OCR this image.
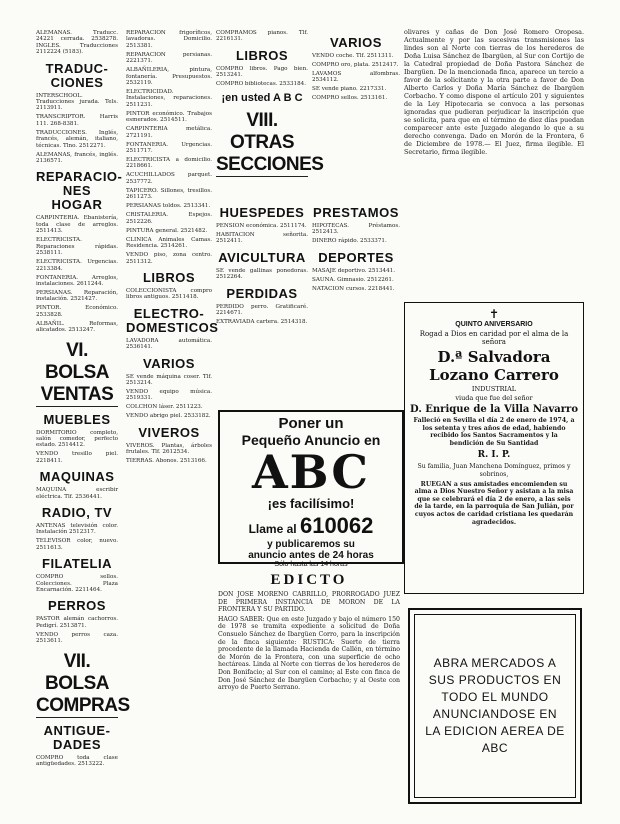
ALEMANAS. Traducc. 24221 cerrada. 2538278. INGLES. Traducciones 2112224 (5183).
TRADUC-CIONES
INTERSCHOOL. Traducciones jurada. Tels. 2113911.
TRANSCRIPTOR. Harris 111. 268-8381.
TRADUCCIONES. Inglés, francés, alemán, italiano, técnicas. Tlno. 2512271.
ALEMANAS, francés, inglés. 2136571.
REPARACIO-NES HOGAR
CARPINTERIA. Ebanistería, toda clase de arreglos. 2511413.
ELECTRICISTA. Reparaciones rápidas. 2538111.
ELECTRICISTA. Urgencias. 2213384.
FONTANERIA. Arreglos, instalaciones. 2611244.
PERSIANAS. Reparación, instalación. 2521427.
PINTOR. Económico. 2533828.
ALBAÑIL. Reformas, alicatados. 2513247.
VI. BOLSA VENTAS
MUEBLES
DORMITORIO completo, salón comedor, perfecto estado. 2514412.
VENDO tresillo piel. 2218411.
MAQUINAS
MAQUINA escribir eléctrica. Tlf. 2536441.
RADIO, TV
ANTENAS televisión color. Instalación 2512317.
TELEVISOR color, nuevo. 2511613.
FILATELIA
COMPRO sellos. Colecciones. Plaza Encarnación. 2211464.
PERROS
PASTOR alemán cachorros. Pedigrí. 2513871.
VENDO perros caza. 2513611.
VII. BOLSA COMPRAS
ANTIGUE-DADES
COMPRO toda clase antigüedades. 2513222.
REPARACION frigoríficos, lavadoras. Domicilio. 2513381.
REPARACION persianas. 2221371.
ALBAÑILERIA, pintura, fontanería. Presupuestos. 2532119.
ELECTRICIDAD. Instalaciones, reparaciones. 2511231.
PINTOR económico. Trabajos esmerados. 2514511.
CARPINTERIA metálica. 2721191.
FONTANERIA. Urgencias. 2511717.
ELECTRICISTA a domicilio. 2218661.
ACUCHILLADOS parquet. 2537772.
TAPICERO. Sillones, tresillos. 2611273.
PERSIANAS toldos. 2513341.
CRISTALERIA. Espejos. 2512226.
PINTURA general. 2521482.
CLINICA Animales Camas. Residencia. 2514261.
VENDO piso, zona centro. 2511312.
LIBROS
COLECCIONISTA compro libros antiguos. 2511418.
ELECTRO-DOMESTICOS
LAVADORA automática. 2536141.
VARIOS
SE vende máquina coser. Tlf. 2513214.
VENDO equipo música. 2519331.
COLCHON láser. 2511223.
VENDO abrigo piel. 2533182.
VIVEROS
VIVEROS. Plantas, árboles frutales. Tlf. 2612534.
TIERRAS. Abonos. 2513166.
COMPRAMOS pianos. Tlf. 2216131.
LIBROS
COMPRO libros. Pago bien. 2513241.
COMPRO bibliotecas. 2533184.
¡en usted A B C
VIII. OTRAS SECCIONES
VARIOS
VENDO coche. Tlf. 2511311.
COMPRO oro, plata. 2512417.
LAVAMOS alfombras. 2534112.
SE vende piano. 2217331.
COMPRO sellos. 2513161.
HUESPEDES
PENSION económica. 2511174.
HABITACION señorita. 2512411.
AVICULTURA
SE vende gallinas ponedoras. 2512264.
PERDIDAS
PERDIDO perro. Gratificaré. 2214671.
EXTRAVIADA cartera. 2514318.
PRESTAMOS
HIPOTECAS. Préstamos. 2512413.
DINERO rápido. 2533371.
DEPORTES
MASAJE deportivo. 2513441.
SAUNA. Gimnasio. 2512261.
NATACION cursos. 2218441.
Poner un
Pequeño Anuncio en
ABC
¡es facilísimo!
Llame al 610062
y publicaremos su
anuncio antes de 24 horas
Sólo hasta las 14 horas
EDICTO
DON JOSE MORENO CABRILLO, PRORROGADO JUEZ DE PRIMERA INSTANCIA DE MORON DE LA FRONTERA Y SU PARTIDO.
HAGO SABER: Que en este Juzgado y bajo el número 150 de 1978 se tramita expediente a solicitud de Doña Consuelo Sánchez de Ibargüen Corro, para la inscripción de la finca siguiente: RUSTICA: Suerte de tierra procedente de la llamada Hacienda de Callén, en término de Morón de la Frontera, con una superficie de ocho hectáreas. Linda al Norte con tierras de los herederos de Don Bonifacio; al Sur con el camino; al Este con finca de Don José Sánchez de Ibargüen Corbacho; y al Oeste con arroyo de Puerto Serrano.
olivares y cañas de Don José Romero Oropesa. Actualmente y por las sucesivas transmisiones las lindes son al Norte con tierras de los herederos de Doña Luisa Sánchez de Ibargüen, al Sur con Cortijo de la Catedral propiedad de Doña Pastora Sánchez de Ibargüen. De la mencionada finca, aparece un tercio a favor de la solicitante y la otra parte a favor de Don Alberto Carlos y Doña María Sánchez de Ibargüen Corbacho. Y como dispone el artículo 201 y siguientes de la Ley Hipotecaria se convoca a las personas ignoradas que pudieran perjudicar la inscripción que se solicita, para que en el término de diez días puedan comparecer ante este Juzgado alegando lo que a su derecho convenga. Dado en Morón de la Frontera, 6 de Diciembre de 1978.— El Juez, firma ilegible. El Secretario, firma ilegible.
✝
QUINTO ANIVERSARIO
Rogad a Dios en caridad por el alma de la señora
D.ª Salvadora Lozano Carrero
INDUSTRIAL
viuda que fue del señor
D. Enrique de la Villa Navarro
Falleció en Sevilla el día 2 de enero de 1974, a los setenta y tres años de edad, habiendo recibido los Santos Sacramentos y la bendición de Su Santidad
R. I. P.
Su familia, Juan Manchena Domínguez, primos y sobrinos,
RUEGAN a sus amistades encomienden su alma a Dios Nuestro Señor y asistan a la misa que se celebrará el día 2 de enero, a las seis de la tarde, en la parroquia de San Julián, por cuyos actos de caridad cristiana les quedarán agradecidos.
ABRA MERCADOS A SUS PRODUCTOS EN TODO EL MUNDO ANUNCIANDOSE EN LA EDICION AEREA DE ABC
